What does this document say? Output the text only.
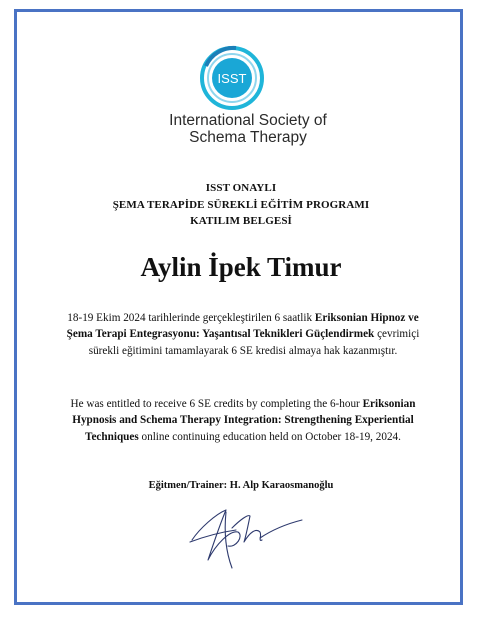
ISST
International Society of
Schema Therapy
ISST ONAYLI
ŞEMA TERAPİDE SÜREKLİ EĞİTİM PROGRAMI
KATILIM BELGESİ
Aylin İpek Timur
18-19 Ekim 2024 tarihlerinde gerçekleştirilen 6 saatlik Eriksonian Hipnoz ve Şema Terapi Entegrasyonu: Yaşantısal Teknikleri Güçlendirmek çevrimiçi sürekli eğitimini tamamlayarak 6 SE kredisi almaya hak kazanmıştır.
He was entitled to receive 6 SE credits by completing the 6-hour Eriksonian Hypnosis and Schema Therapy Integration: Strengthening Experiential Techniques online continuing education held on October 18-19, 2024.
Eğitmen/Trainer: H. Alp Karaosmanoğlu
